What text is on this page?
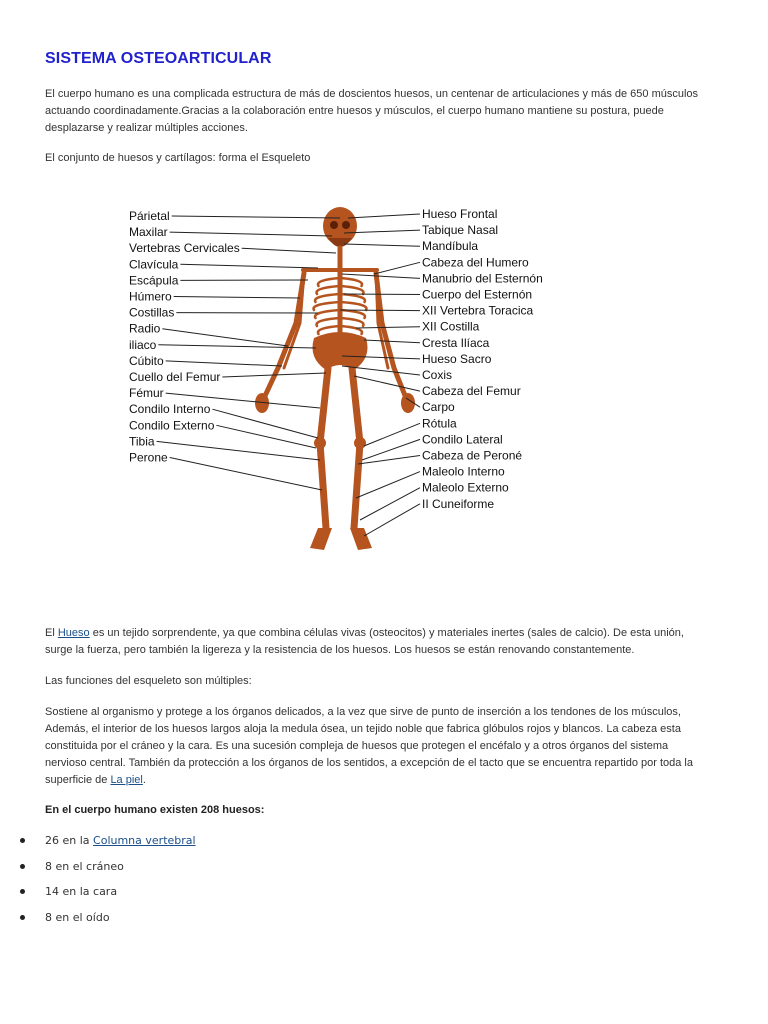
SISTEMA OSTEOARTICULAR

El cuerpo humano es una complicada estructura de más de doscientos huesos, un centenar de articulaciones y más de 650 músculos
actuando coordinadamente.Gracias a la colaboración entre huesos y músculos, el cuerpo humano mantiene su postura, puede
desplazarse y realizar múltiples acciones.

El conjunto de huesos y cartílagos: forma el Esqueleto

Párietal
Maxilar
Vertebras Cervicales
Clavícula
Escápula
Húmero
Costillas
Radio
iliaco
Cúbito
Cuello del Femur
Fémur
Condilo Interno
Condilo Externo
Tibia
Perone
Hueso Frontal
Tabique Nasal
Mandíbula
Cabeza del Humero
Manubrio del Esternón
Cuerpo del Esternón
XII Vertebra Toracica
XII Costilla
Cresta Ilíaca
Hueso Sacro
Coxis
Cabeza del Femur
Carpo
Rótula
Condilo Lateral
Cabeza de Peroné
Maleolo Interno
Maleolo Externo
II Cuneiforme

El Hueso es un tejido sorprendente, ya que combina células vivas (osteocitos) y materiales inertes (sales de calcio). De esta unión,
surge la fuerza, pero también la ligereza y la resistencia de los huesos. Los huesos se están renovando constantemente.

Las funciones del esqueleto son múltiples:

Sostiene al organismo y protege a los órganos delicados, a la vez que sirve de punto de inserción a los tendones de los músculos,
Además, el interior de los huesos largos aloja la medula ósea, un tejido noble que fabrica glóbulos rojos y blancos. La cabeza esta
constituida por el cráneo y la cara. Es una sucesión compleja de huesos que protegen el encéfalo y a otros órganos del sistema
nervioso central. También da protección a los órganos de los sentidos, a excepción de el tacto que se encuentra repartido por toda la
superficie de La piel.

En el cuerpo humano existen 208 huesos:

26 en la Columna vertebral
8 en el cráneo
14 en la cara
8 en el oído
